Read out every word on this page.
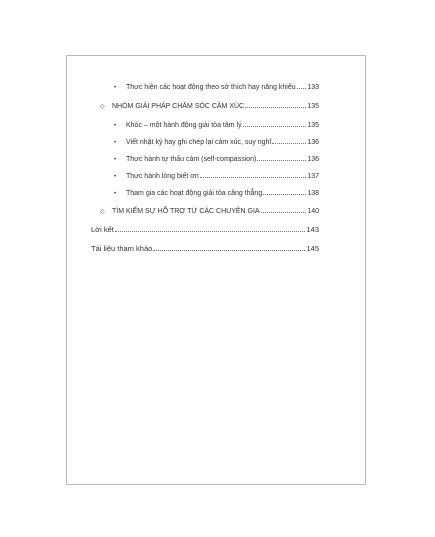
•	Thực hiện các hoạt động theo sở thích hay năng khiếu 133
◇	NHÓM GIẢI PHÁP CHĂM SÓC CẢM XÚC	135
•	Khóc – một hành động giải tỏa tâm lý	135
•	Viết nhật ký hay ghi chép lại cảm xúc, suy nghĩ	136
•	Thực hành tự thấu cảm (self-compassion)	136
•	Thực hành lòng biết ơn	137
•	Tham gia các hoạt động giải tỏa căng thẳng	138
◇	TÌM KIẾM SỰ HỖ TRỢ TỪ CÁC CHUYÊN GIA	140
Lời kết	143
Tài liệu tham khảo	145
